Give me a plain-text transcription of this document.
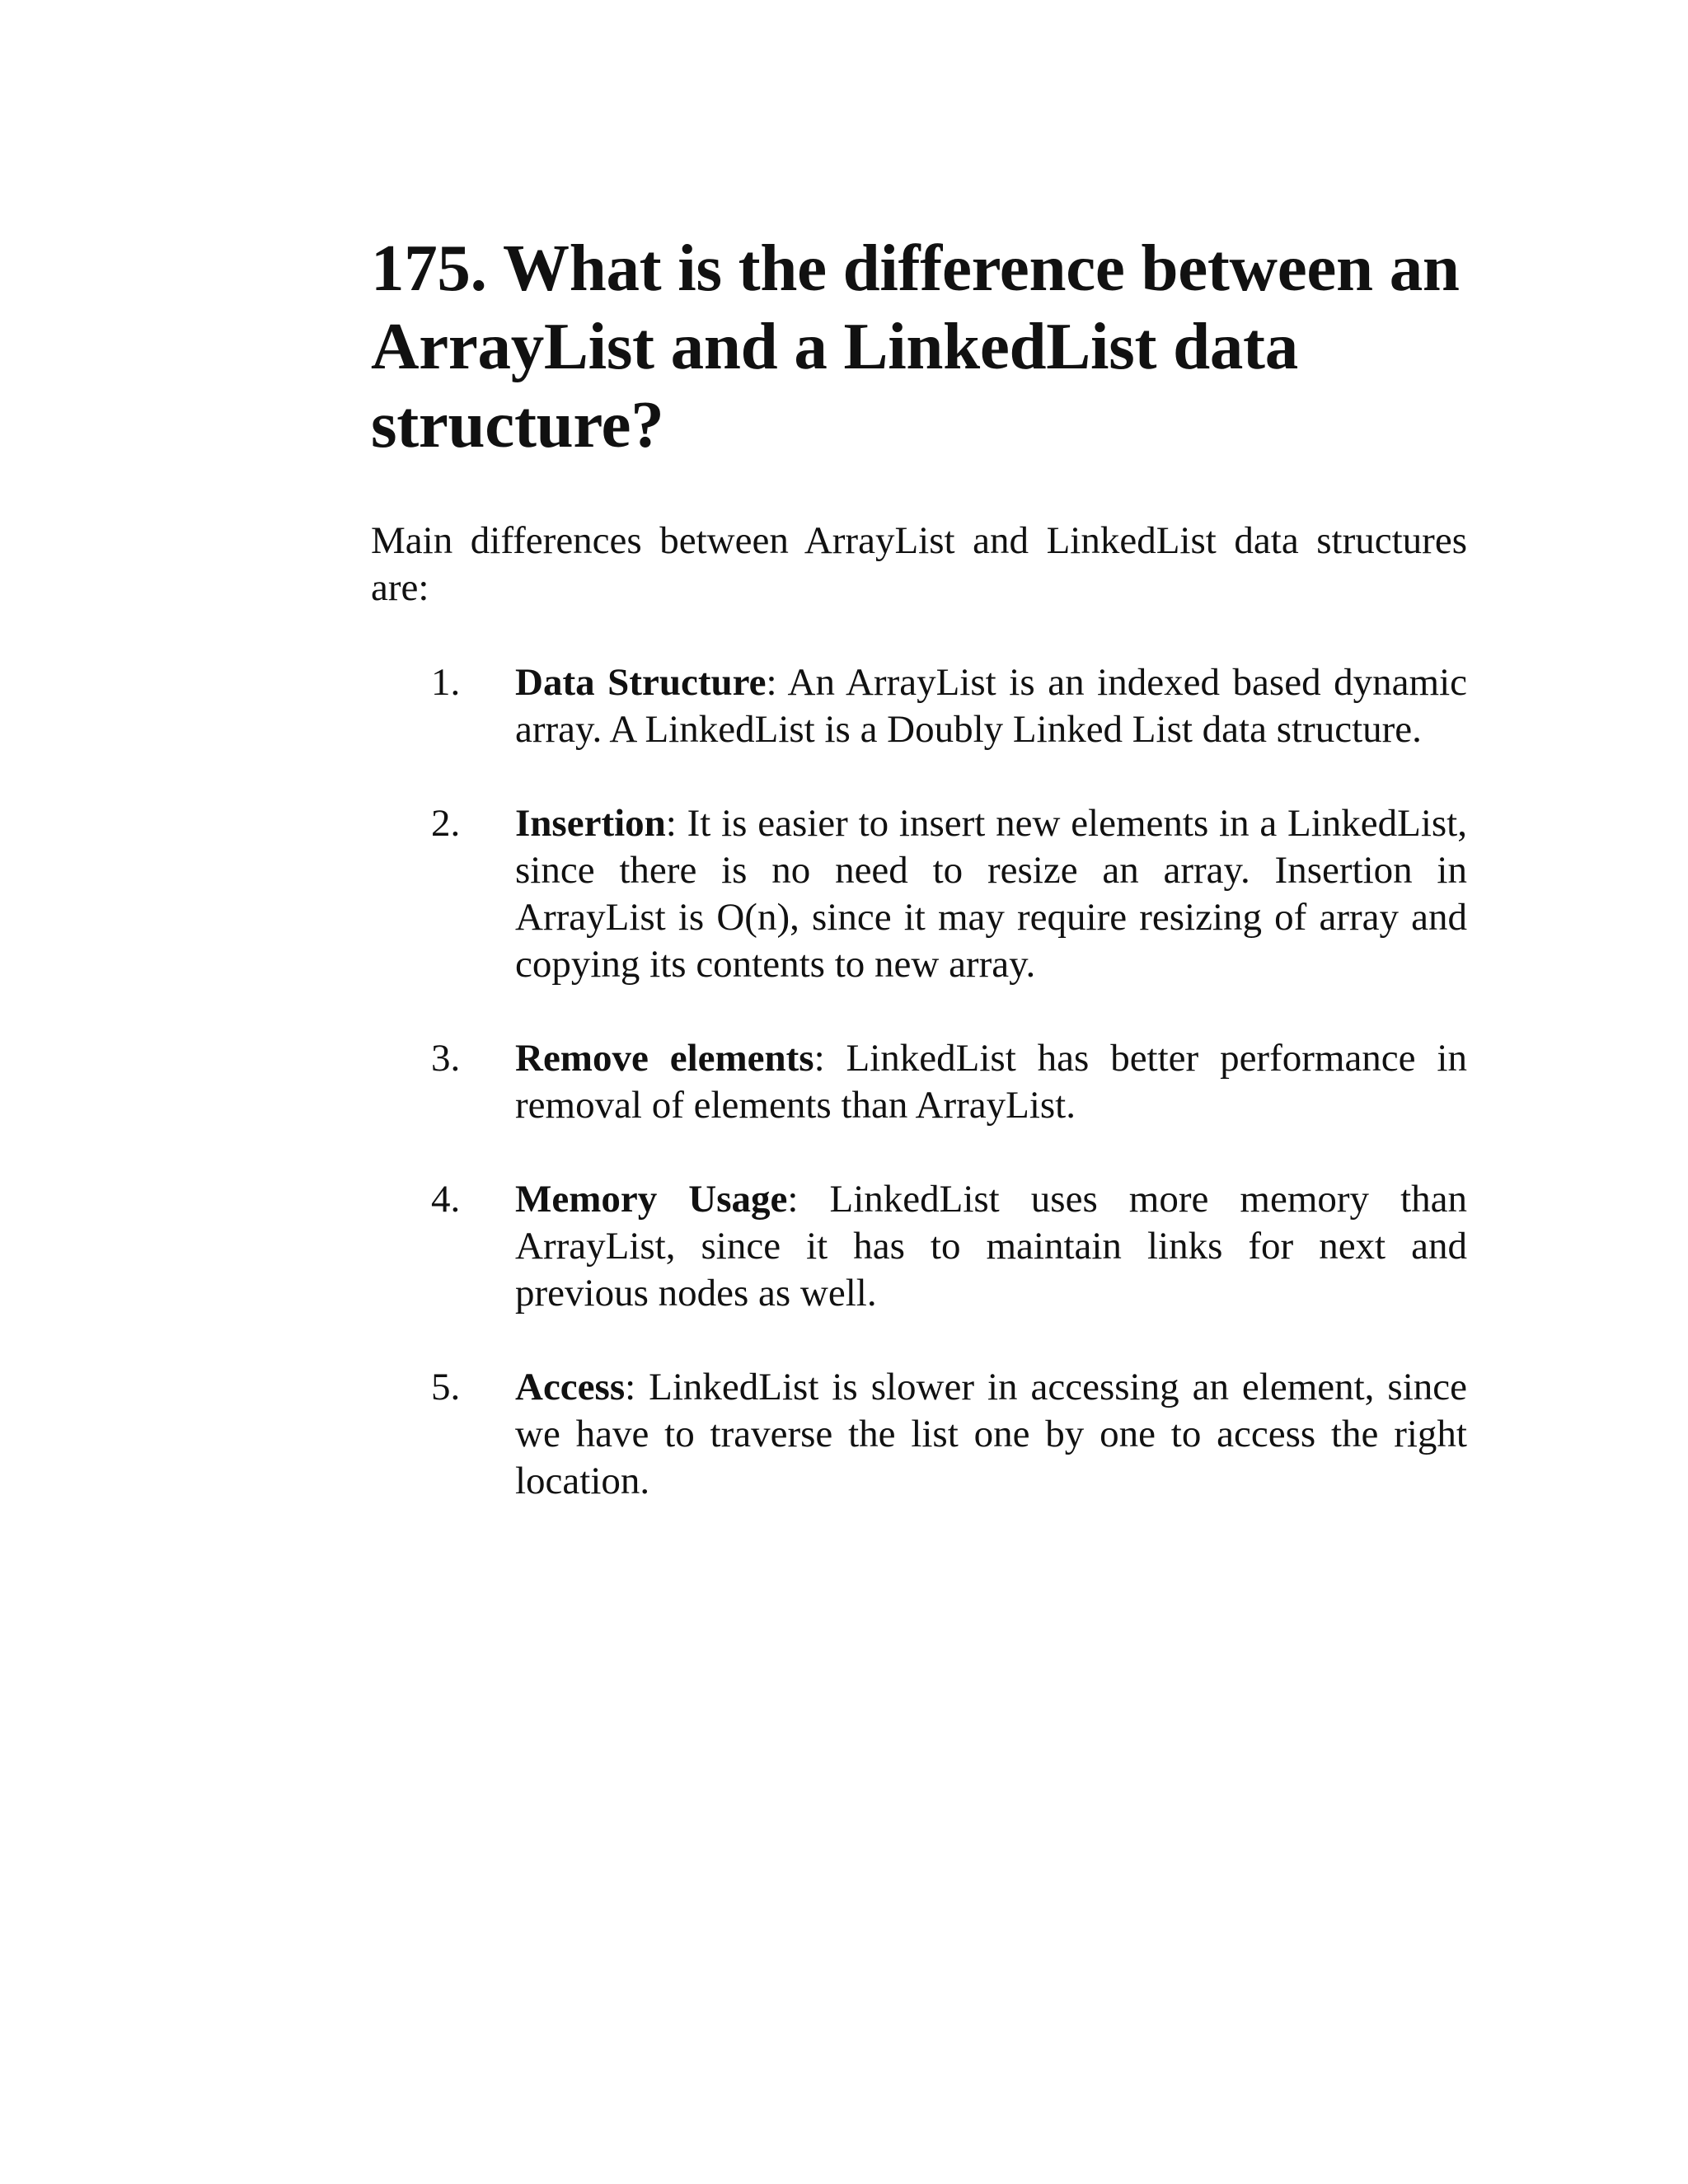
175. What is the difference between an ArrayList and a LinkedList data structure?

Main differences between ArrayList and LinkedList data structures are:

1. Data Structure: An ArrayList is an indexed based dynamic array. A LinkedList is a Doubly Linked List data structure.
2. Insertion: It is easier to insert new elements in a LinkedList, since there is no need to resize an array. Insertion in ArrayList is O(n), since it may require resizing of array and copying its contents to new array.
3. Remove elements: LinkedList has better performance in removal of elements than ArrayList.
4. Memory Usage: LinkedList uses more memory than ArrayList, since it has to maintain links for next and previous nodes as well.
5. Access: LinkedList is slower in accessing an element, since we have to traverse the list one by one to access the right location.
